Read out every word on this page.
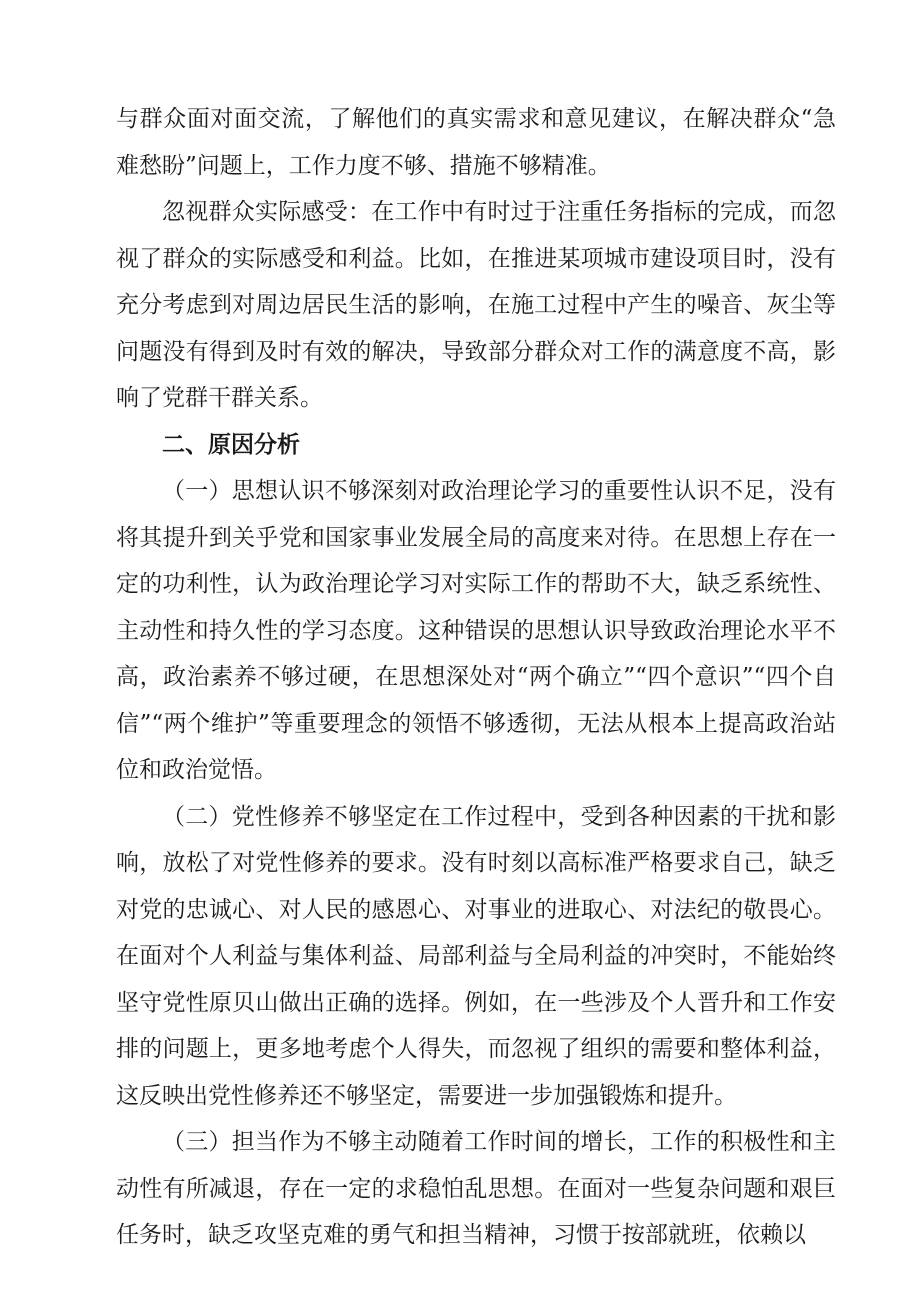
与群众面对面交流，了解他们的真实需求和意见建议，在解决群众“急难愁盼”问题上，工作力度不够、措施不够精准。

忽视群众实际感受：在工作中有时过于注重任务指标的完成，而忽视了群众的实际感受和利益。比如，在推进某项城市建设项目时，没有充分考虑到对周边居民生活的影响，在施工过程中产生的噪音、灰尘等问题没有得到及时有效的解决，导致部分群众对工作的满意度不高，影响了党群干群关系。

二、原因分析

（一）思想认识不够深刻对政治理论学习的重要性认识不足，没有将其提升到关乎党和国家事业发展全局的高度来对待。在思想上存在一定的功利性，认为政治理论学习对实际工作的帮助不大，缺乏系统性、主动性和持久性的学习态度。这种错误的思想认识导致政治理论水平不高，政治素养不够过硬，在思想深处对“两个确立”“四个意识”“四个自信”“两个维护”等重要理念的领悟不够透彻，无法从根本上提高政治站位和政治觉悟。

（二）党性修养不够坚定在工作过程中，受到各种因素的干扰和影响，放松了对党性修养的要求。没有时刻以高标准严格要求自己，缺乏对党的忠诚心、对人民的感恩心、对事业的进取心、对法纪的敬畏心。在面对个人利益与集体利益、局部利益与全局利益的冲突时，不能始终坚守党性原贝山做出正确的选择。例如，在一些涉及个人晋升和工作安排的问题上，更多地考虑个人得失，而忽视了组织的需要和整体利益，这反映出党性修养还不够坚定，需要进一步加强锻炼和提升。

（三）担当作为不够主动随着工作时间的增长，工作的积极性和主动性有所减退，存在一定的求稳怕乱思想。在面对一些复杂问题和艰巨任务时，缺乏攻坚克难的勇气和担当精神，习惯于按部就班，依赖以
